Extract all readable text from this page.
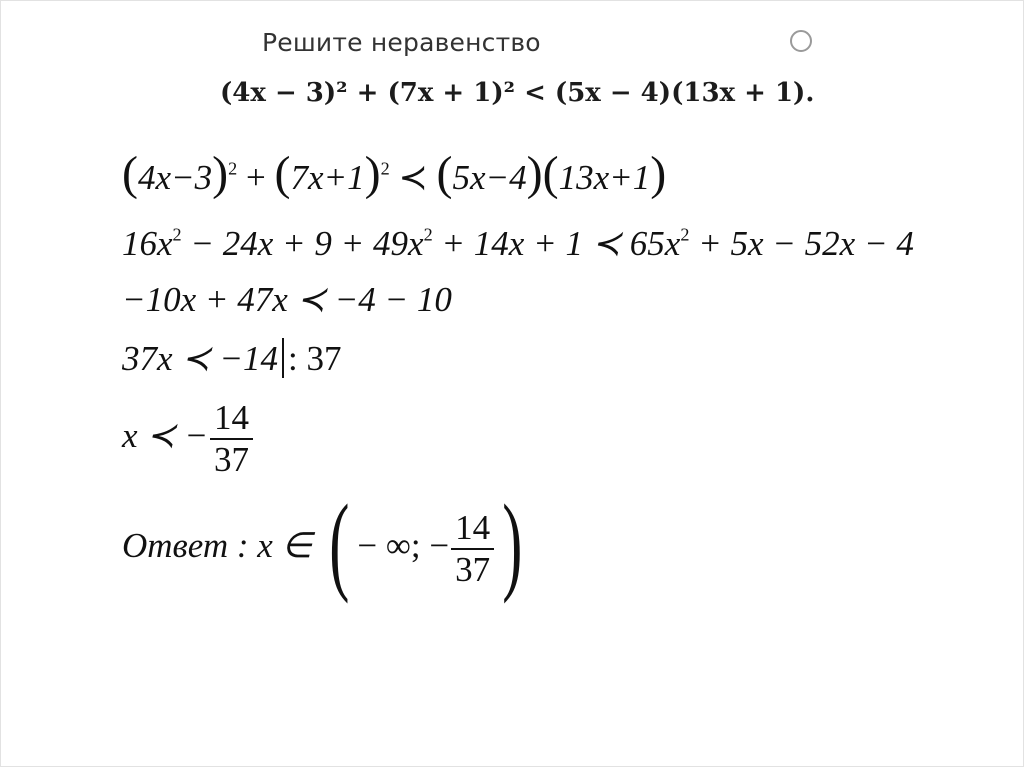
Решите неравенство
(4x − 3)² + (7x + 1)² < (5x − 4)(13x + 1).
$(4x-3)^2 + (7x+1)^2$ ≺ (5x−4)(13x+1)
$16x^2 - 24x + 9 + 49x^2 + 14x + 1$ ≺ $65x^2 + 5x - 52x - 4$
−10x + 47x ≺ −4 − 10
37x ≺ −14 : 37
x ≺ − $\frac{14}{37}$
Ответ : x ∈ ( − ∞; − $\frac{14}{37}$ )
